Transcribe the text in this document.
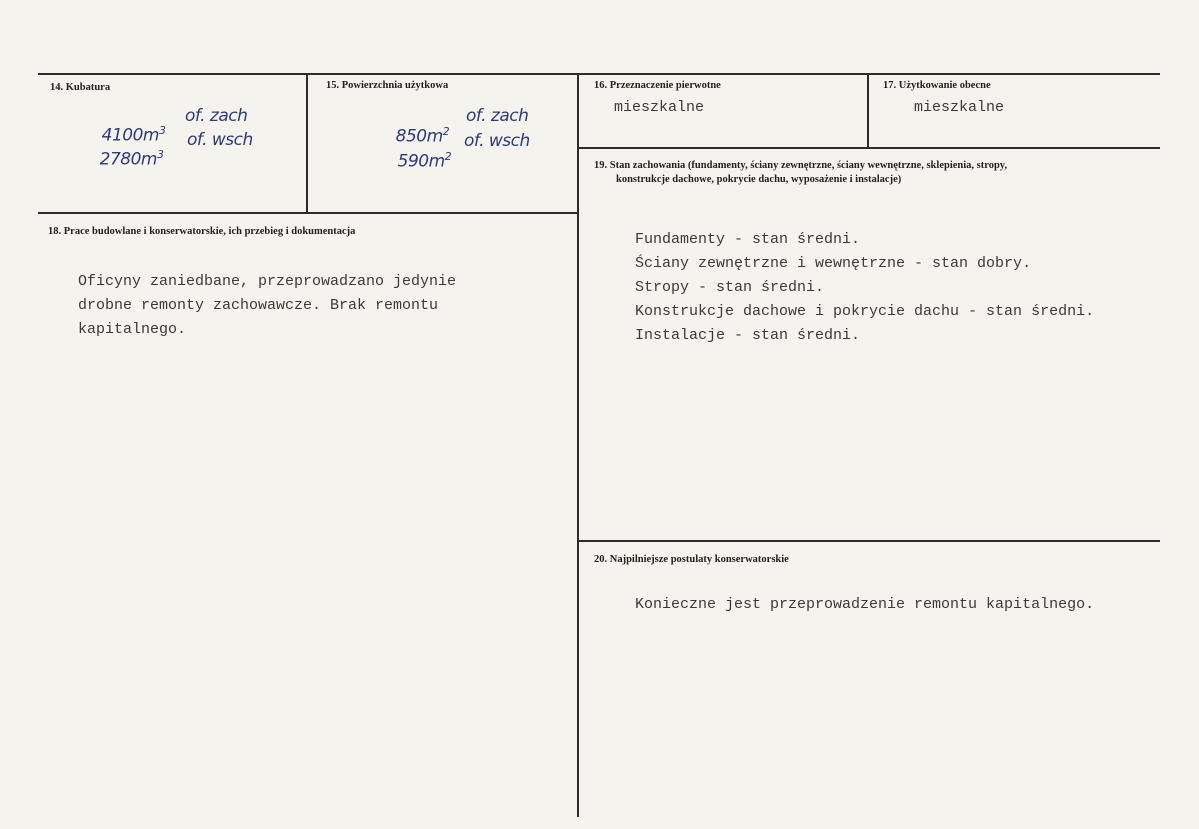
14. Kubatura

$4100m^3$

of. zach

$2780m^3$

of. wsch
15. Powierzchnia użytkowa

$850m^2$

of. zach

$590m^2$

of. wsch
16. Przeznaczenie pierwotne
mieszkalne
17. Użytkowanie obecne
mieszkalne
18. Prace budowlane i konserwatorskie, ich przebieg i dokumentacja
Oficyny zaniedbane, przeprowadzano jedynie
drobne remonty zachowawcze. Brak remontu
kapitalnego.
19. Stan zachowania (fundamenty, ściany zewnętrzne, ściany wewnętrzne, sklepienia, stropy,
konstrukcje dachowe, pokrycie dachu, wyposażenie i instalacje)
Fundamenty - stan średni.
Ściany zewnętrzne i wewnętrzne - stan dobry.
Stropy - stan średni.
Konstrukcje dachowe i pokrycie dachu - stan średni.
Instalacje - stan średni.
20. Najpilniejsze postulaty konserwatorskie
Konieczne jest przeprowadzenie remontu kapitalnego.
